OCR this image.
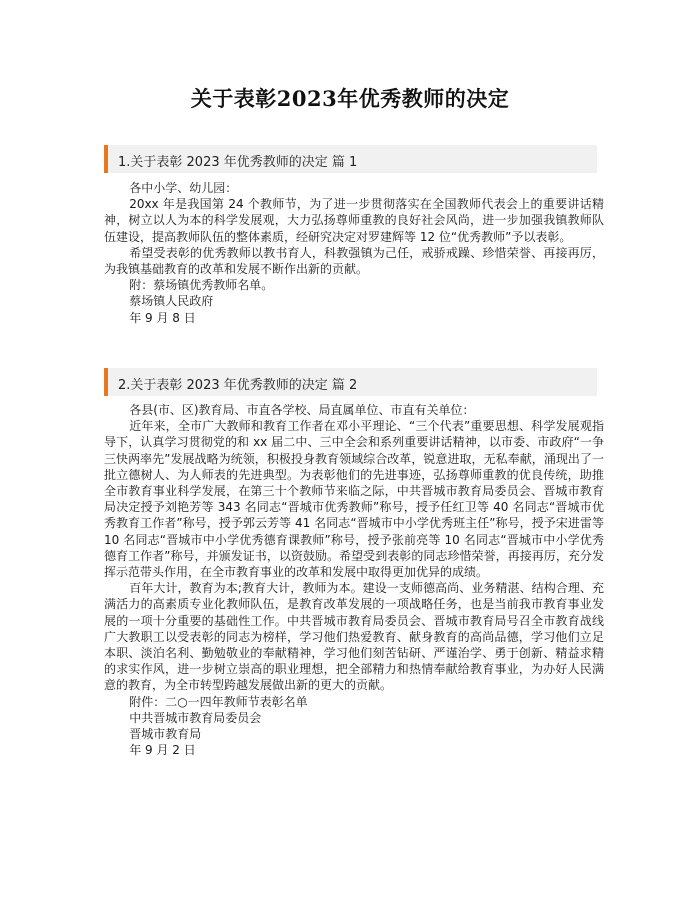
关于表彰2023年优秀教师的决定
1.关于表彰 2023 年优秀教师的决定 篇 1

各中小学、幼儿园：

20xx 年是我国第 24 个教师节，为了进一步贯彻落实在全国教师代表会上的重要讲话精神，树立以人为本的科学发展观，大力弘扬尊师重教的良好社会风尚，进一步加强我镇教师队伍建设，提高教师队伍的整体素质，经研究决定对罗建辉等 12 位“优秀教师”予以表彰。

希望受表彰的优秀教师以教书育人，科教强镇为己任，戒骄戒躁、珍惜荣誉、再接再厉，为我镇基础教育的改革和发展不断作出新的贡献。

附：蔡场镇优秀教师名单。

蔡场镇人民政府

年 9 月 8 日

2.关于表彰 2023 年优秀教师的决定 篇 2

各县(市、区)教育局、市直各学校、局直属单位、市直有关单位：

近年来，全市广大教师和教育工作者在邓小平理论、“三个代表”重要思想、科学发展观指导下，认真学习贯彻党的和 xx 届二中、三中全会和系列重要讲话精神，以市委、市政府“一争三快两率先”发展战略为统领，积极投身教育领域综合改革，锐意进取，无私奉献，涌现出了一批立德树人、为人师表的先进典型。为表彰他们的先进事迹，弘扬尊师重教的优良传统，助推全市教育事业科学发展，在第三十个教师节来临之际，中共晋城市教育局委员会、晋城市教育局决定授予刘艳芳等 343 名同志“晋城市优秀教师”称号，授予任红卫等 40 名同志“晋城市优秀教育工作者”称号，授予郭云芳等 41 名同志“晋城市中小学优秀班主任”称号，授予宋进雷等 10 名同志“晋城市中小学优秀德育课教师”称号，授予张前亮等 10 名同志“晋城市中小学优秀德育工作者”称号，并颁发证书，以资鼓励。希望受到表彰的同志珍惜荣誉，再接再厉，充分发挥示范带头作用，在全市教育事业的改革和发展中取得更加优异的成绩。

百年大计，教育为本;教育大计，教师为本。建设一支师德高尚、业务精湛、结构合理、充满活力的高素质专业化教师队伍，是教育改革发展的一项战略任务，也是当前我市教育事业发展的一项十分重要的基础性工作。中共晋城市教育局委员会、晋城市教育局号召全市教育战线广大教职工以受表彰的同志为榜样，学习他们热爱教育、献身教育的高尚品德，学习他们立足本职、淡泊名利、勤勉敬业的奉献精神，学习他们刻苦钻研、严谨治学、勇于创新、精益求精的求实作风，进一步树立崇高的职业理想，把全部精力和热情奉献给教育事业，为办好人民满意的教育，为全市转型跨越发展做出新的更大的贡献。

附件：二○一四年教师节表彰名单

中共晋城市教育局委员会

晋城市教育局

年 9 月 2 日
